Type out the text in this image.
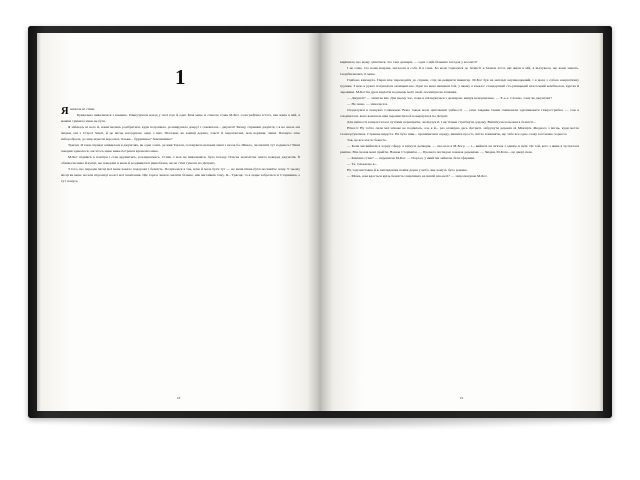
1

Янюхала ні стіни.

Буквально вивалилася з каменю. Пікнулувала назад у свої тіло й одяг. Біля мене зі списом стояв М-Бот, голографічна істота, яка жила в мій, я мавши тримала мене не було.

Я зійснась ні него й, намагаючись розібратися, куди потрапила, розширувала докруг і схилилася... джунглі! Тихну, справжні джунглі, і я не знала ані звідки, ані з Старої Землі, й це місце нагадувало одно з них. Пілложи, як заміщі дерева, товсті й переплетені, мов коріння, ліани. Пахнуло ніче наборобрала, до мир шукоти вороскої, тільки... бруднішое? Землянішне?

Трясця. Я таки справді опинилася в джунглях, як одна з них, де жив Тарзан, головувала велаких мавп з казок ба. Шкало, чи маляти тут подняєсь? Мені закодив здавалося, аж хтось мене виже потрався кронеєва мене.

М-Бот підвівся в повітря і став кружитись, роззираючись. Стіни, з мов не вивалилися, була позаду. Пласка монолітна плита поверед джунглів. Її обмацали мене й купці, аж поверхні в мене й роздивилася рівнобачна, як на стіні гунесю на Детриті.

З того, що передав місці мої мене чекало подорожі і безвість. Почувалася я так, наче й мала бути тут — не меня півна-бути носвиніте чому. У цьому місці як мене чесали підсоніді на всі мої запитання. Ще таразз знакло маляти більше, ніж митлівків тому. Я... Трясця, та я ледве забралася зі Старінним, а тут чомусь

18

вирішила, що можу дізнатися, хто такі делвери, — одна з най-більших загадок у всесвіті?

І не саме, хто вони вперше, нагадала я собі, й я сама. Бо коли торкалася до безвісті в бачила істот, які жили в ній, я відчувала, що вони знають. Скарбінчились ті мене.

Глибоко вхихнула. Перш ніж переходити до справи, слід пе-ревірити інвентар. М-Бог був на напладі неушкоджений, і я мала з собою енергетичну грушки. З нею в руках почувалася захищені-ше. Одяг на мені лишився той, у якому я втекла: стандартний ста-ріннцький пілотський комбінезон, куртка й черевики. М-Боттів дрон відлетів на рівень моїх очей, поснихуючи лапками.

— Джунглі? — запитав він. Для ньому час, поки я спілкувалася з делверам, минув ненормально. — Е-е-е. Словно, тому як джунглях?

— Не знаю, — зізналася я.

Озлдалувся в пошуках Слямъчки. Вона також мала цінгованні здібності — сама завдяки таким смінювали здатникавати гіперсстрибка. — тож я сподівалася, вона вокопала ями перемистила й повернулася на Детрит.

Для певності я вирасталася чуттями перевірити, чи відчук її. І як тільки стрибнути додому. Витягнулася ньовая в безвісті...

Нічого! Ну тобто сили мої ніхоже не подіялась, але я й... раз оглянува десь Детриті, забрунути деревах ні Міжзір'я. Жодного з місць, куди мотла телепортуватися. Стравше вирусте. Не було ніяк... промичитися середу, лишити просто світло в вивняти, що тебе все одно отову засоченно чорнота.

Так, це все могло бевастъ.

— Коли ми вийшли в чорну сферу, я відчула делверів, — ска-зала я М-Богу, — і... вийшла на зв'язок з одним із неїх. Це той, кого з яким я зустрілася раніше. Він сказав мені прийти. Назвав Старіннім. — Провела поглядом пожнов деревами. — Звідки, М-Боте... це дверї скан.

— Кам'яна стіна? — перепитав М-Бот. — Портал, у який ми зайшли, біля сферими.

— Та, тільки ще я...

Ні, тоді виставна й я, виглядаючи поміж дерев у небо, яке чомусь було рожеве.

— Може, нам вдасться крізь безвість і вирішила на іншій пла-неті? — запропонував М-Бот.

19
